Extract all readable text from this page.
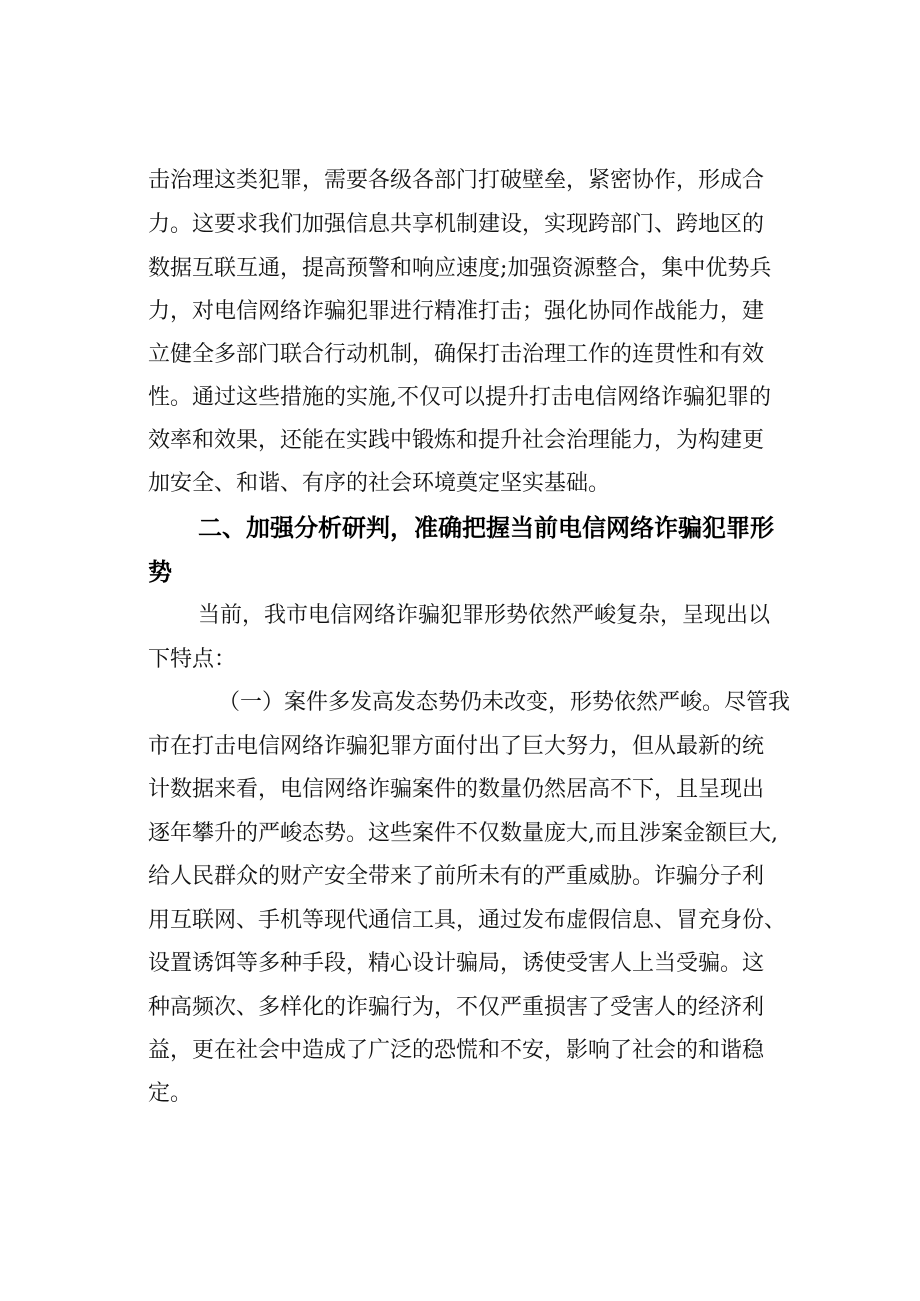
击治理这类犯罪，需要各级各部门打破壁垒，紧密协作，形成合
力。这要求我们加强信息共享机制建设，实现跨部门、跨地区的
数据互联互通，提高预警和响应速度;加强资源整合，集中优势兵
力，对电信网络诈骗犯罪进行精准打击；强化协同作战能力，建
立健全多部门联合行动机制，确保打击治理工作的连贯性和有效
性。通过这些措施的实施,不仅可以提升打击电信网络诈骗犯罪的
效率和效果，还能在实践中锻炼和提升社会治理能力，为构建更
加安全、和谐、有序的社会环境奠定坚实基础。
二、加强分析研判，准确把握当前电信网络诈骗犯罪形
势
当前，我市电信网络诈骗犯罪形势依然严峻复杂，呈现出以
下特点：
（一）案件多发高发态势仍未改变，形势依然严峻。尽管我
市在打击电信网络诈骗犯罪方面付出了巨大努力，但从最新的统
计数据来看，电信网络诈骗案件的数量仍然居高不下，且呈现出
逐年攀升的严峻态势。这些案件不仅数量庞大,而且涉案金额巨大,
给人民群众的财产安全带来了前所未有的严重威胁。诈骗分子利
用互联网、手机等现代通信工具，通过发布虚假信息、冒充身份、
设置诱饵等多种手段，精心设计骗局，诱使受害人上当受骗。这
种高频次、多样化的诈骗行为，不仅严重损害了受害人的经济利
益，更在社会中造成了广泛的恐慌和不安，影响了社会的和谐稳
定。
